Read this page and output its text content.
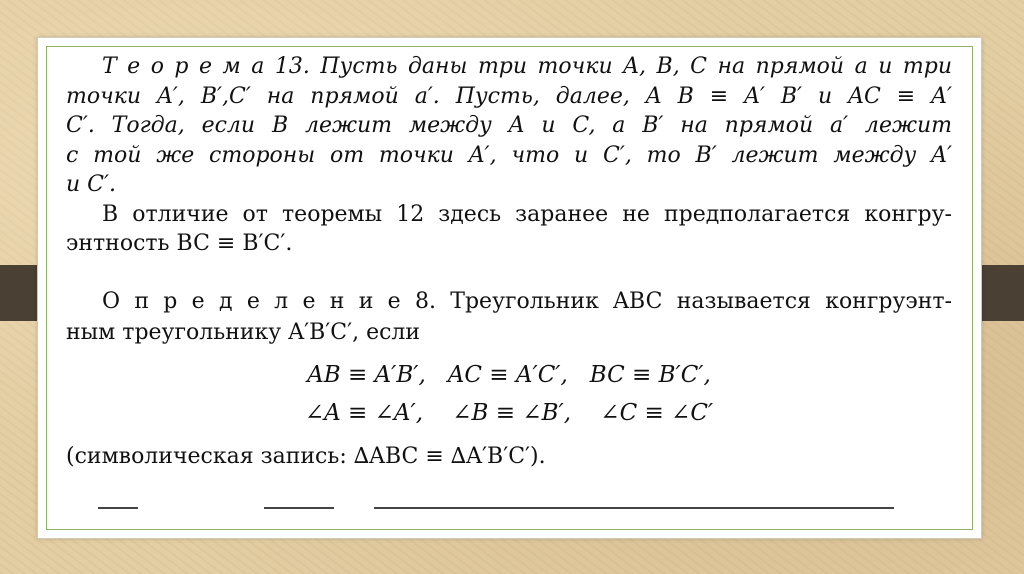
Т е о р е м а 13. Пусть даны три точки A, B, C на прямой a и три
точки A′, B′,C′ на прямой a′. Пусть, далее, A B ≡ A′ B′ и AC ≡ A′
C′. Тогда, если B лежит между A и C, а B′ на прямой a′ лежит
с той же стороны от точки A′, что и C′, то B′ лежит между A′
и C′.
В отличие от теоремы 12 здесь заранее не предполагается конгру-
энтность BC ≡ B′C′.
О п р е д е л е н и е 8. Треугольник ABC называется конгруэнт-
ным треугольнику A′B′C′, если
AB ≡ A′B′,   AC ≡ A′C′,   BC ≡ B′C′,
∠A ≡ ∠A′,    ∠B ≡ ∠B′,    ∠C ≡ ∠C′
(символическая запись: ∆ABC ≡ ∆A′B′C′).
